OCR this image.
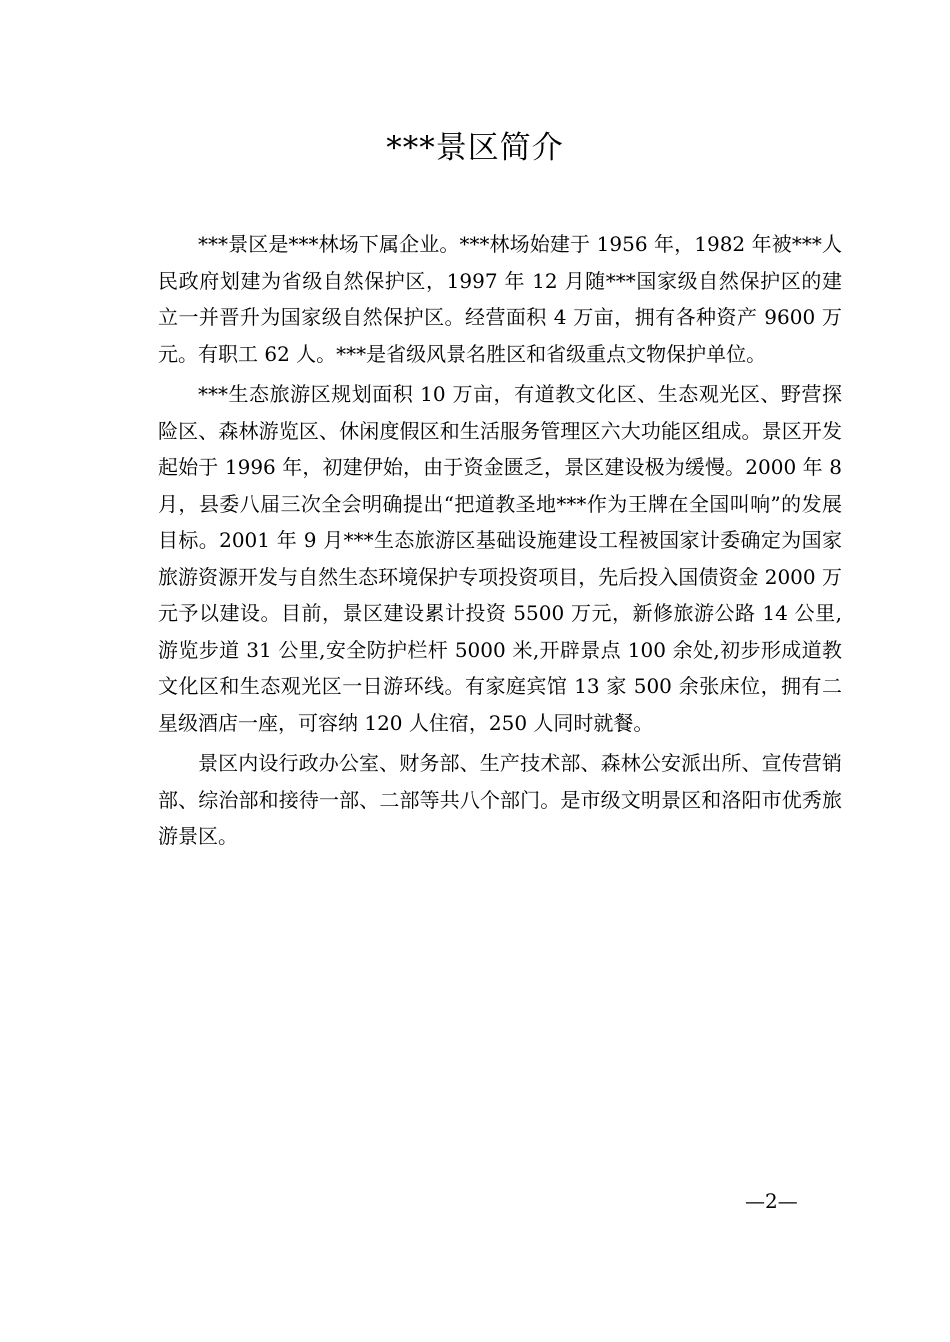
***景区简介

***景区是***林场下属企业。***林场始建于 1956 年，1982 年被***人民政府划建为省级自然保护区，1997 年 12 月随***国家级自然保护区的建立一并晋升为国家级自然保护区。经营面积 4 万亩，拥有各种资产 9600 万元。有职工 62 人。***是省级风景名胜区和省级重点文物保护单位。

***生态旅游区规划面积 10 万亩，有道教文化区、生态观光区、野营探险区、森林游览区、休闲度假区和生活服务管理区六大功能区组成。景区开发起始于 1996 年，初建伊始，由于资金匮乏，景区建设极为缓慢。2000 年 8 月，县委八届三次全会明确提出“把道教圣地***作为王牌在全国叫响”的发展目标。2001 年 9 月***生态旅游区基础设施建设工程被国家计委确定为国家旅游资源开发与自然生态环境保护专项投资项目，先后投入国债资金 2000 万元予以建设。目前，景区建设累计投资 5500 万元，新修旅游公路 14 公里,游览步道 31 公里,安全防护栏杆 5000 米,开辟景点 100 余处,初步形成道教文化区和生态观光区一日游环线。有家庭宾馆 13 家 500 余张床位，拥有二星级酒店一座，可容纳 120 人住宿，250 人同时就餐。

景区内设行政办公室、财务部、生产技术部、森林公安派出所、宣传营销部、综治部和接待一部、二部等共八个部门。是市级文明景区和洛阳市优秀旅游景区。

—2—
